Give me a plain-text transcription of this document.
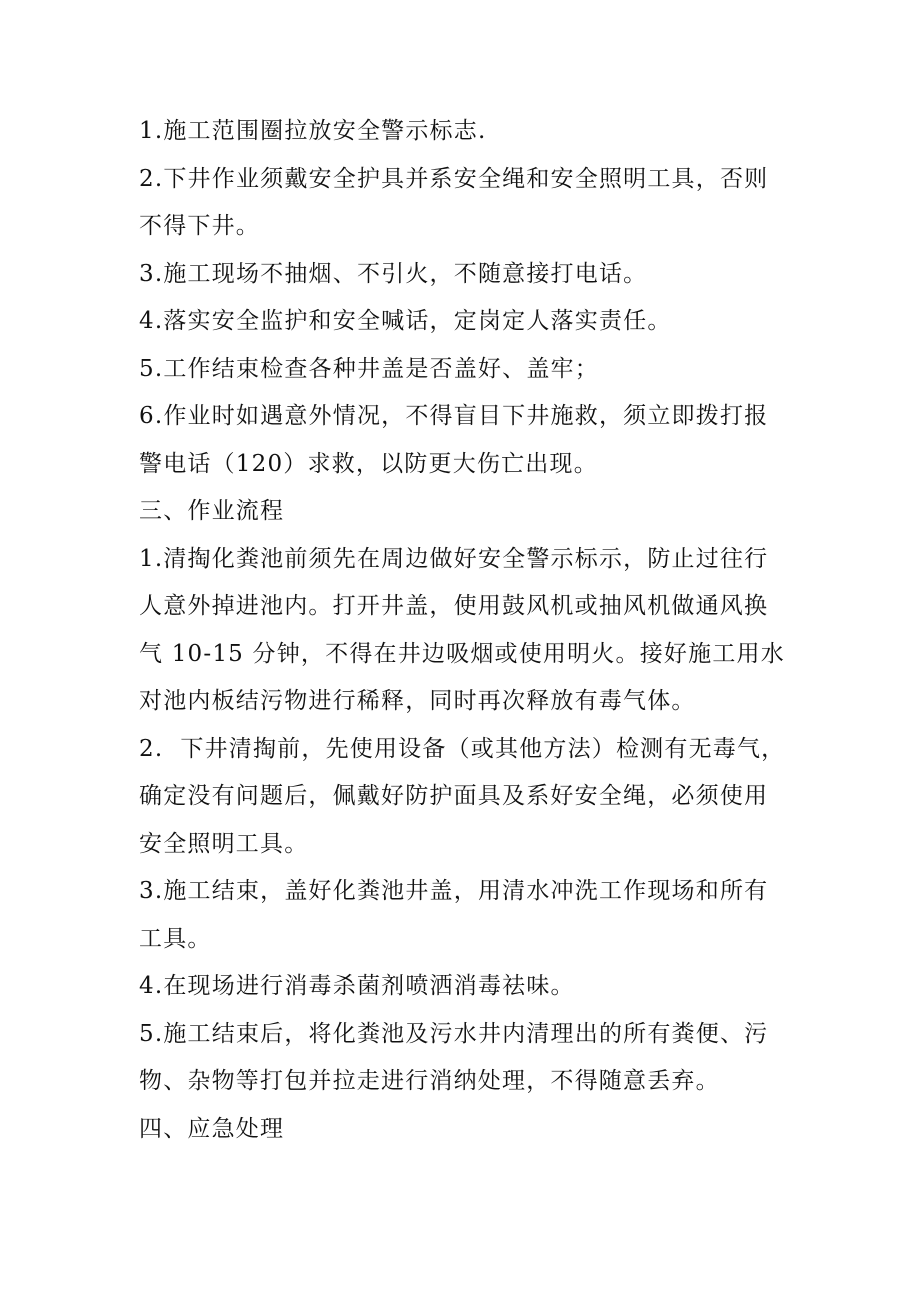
1.施工范围圈拉放安全警示标志.

2.下井作业须戴安全护具并系安全绳和安全照明工具，否则

不得下井。

3.施工现场不抽烟、不引火，不随意接打电话。

4.落实安全监护和安全喊话，定岗定人落实责任。

5.工作结束检查各种井盖是否盖好、盖牢；

6.作业时如遇意外情况，不得盲目下井施救，须立即拨打报

警电话（120）求救，以防更大伤亡出现。

三、作业流程

1.清掏化粪池前须先在周边做好安全警示标示，防止过往行

人意外掉进池内。打开井盖，使用鼓风机或抽风机做通风换

气 10-15 分钟，不得在井边吸烟或使用明火。接好施工用水

对池内板结污物进行稀释，同时再次释放有毒气体。

2.  下井清掏前，先使用设备（或其他方法）检测有无毒气，

确定没有问题后，佩戴好防护面具及系好安全绳，必须使用

安全照明工具。

3.施工结束，盖好化粪池井盖，用清水冲洗工作现场和所有

工具。

4.在现场进行消毒杀菌剂喷洒消毒祛味。

5.施工结束后，将化粪池及污水井内清理出的所有粪便、污

物、杂物等打包并拉走进行消纳处理，不得随意丢弃。

四、应急处理
